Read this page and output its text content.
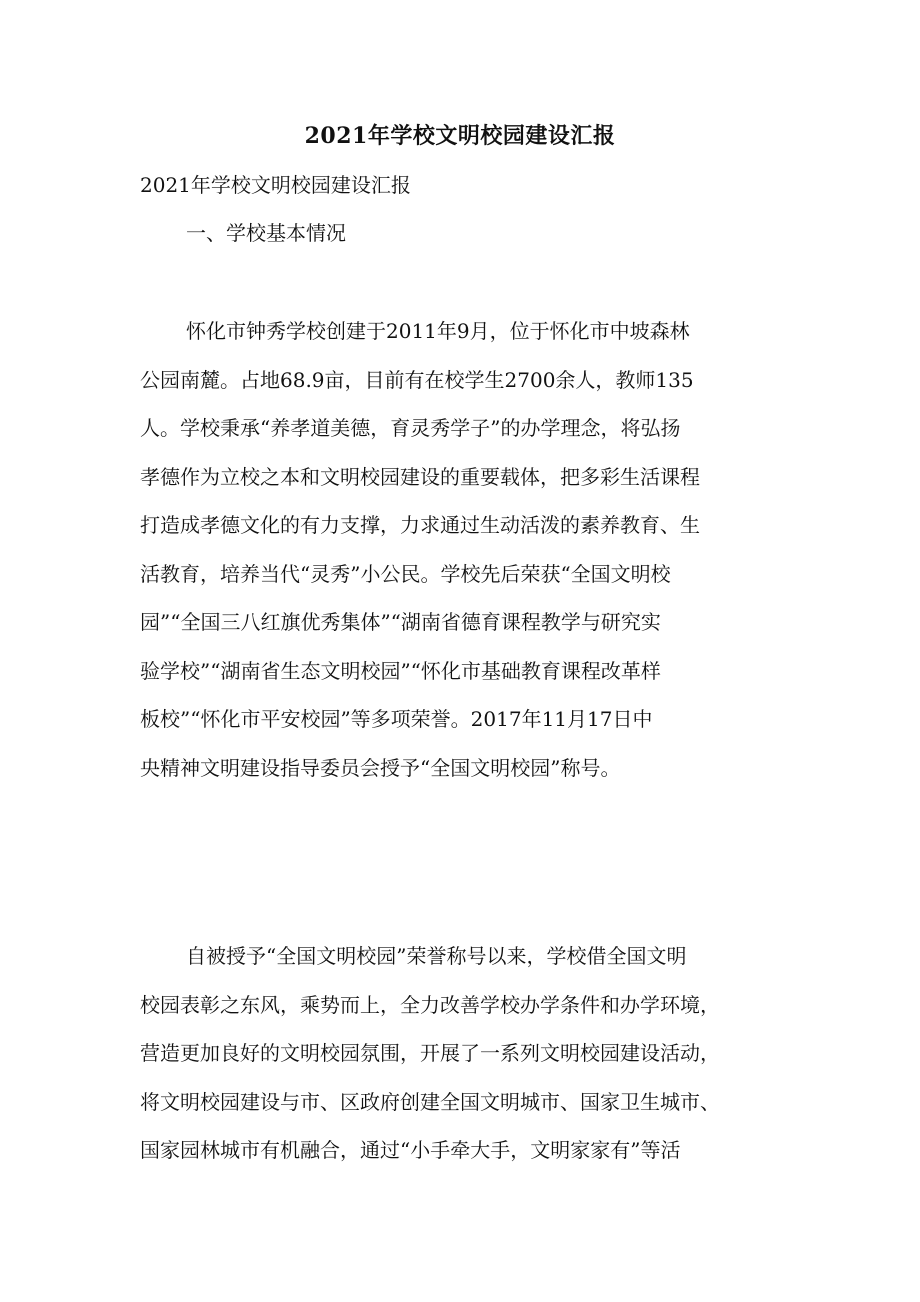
2021年学校文明校园建设汇报
2021年学校文明校园建设汇报
一、学校基本情况

怀化市钟秀学校创建于2011年9月，位于怀化市中坡森林

公园南麓。占地68.9亩，目前有在校学生2700余人，教师135

人。学校秉承“养孝道美德，育灵秀学子”的办学理念，将弘扬

孝德作为立校之本和文明校园建设的重要载体，把多彩生活课程

打造成孝德文化的有力支撑，力求通过生动活泼的素养教育、生

活教育，培养当代“灵秀”小公民。学校先后荣获“全国文明校

园”“全国三八红旗优秀集体”“湖南省德育课程教学与研究实

验学校”“湖南省生态文明校园”“怀化市基础教育课程改革样

板校”“怀化市平安校园”等多项荣誉。2017年11月17日中

央精神文明建设指导委员会授予“全国文明校园”称号。

自被授予“全国文明校园”荣誉称号以来，学校借全国文明

校园表彰之东风，乘势而上，全力改善学校办学条件和办学环境，

营造更加良好的文明校园氛围，开展了一系列文明校园建设活动，

将文明校园建设与市、区政府创建全国文明城市、国家卫生城市、

国家园林城市有机融合，通过“小手牵大手，文明家家有”等活
